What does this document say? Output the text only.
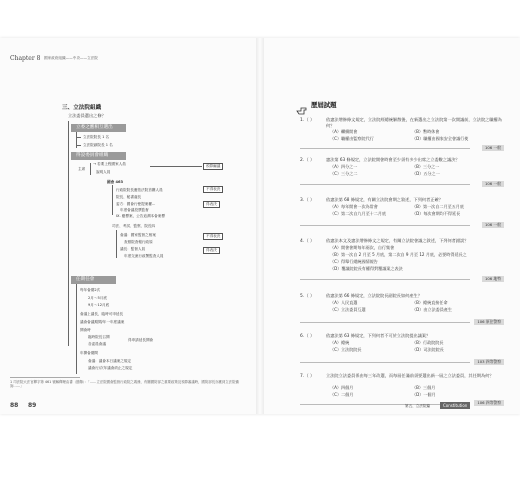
Chapter 8 國家政府組織——中央——立法院
三、立法院組織
立法委員選出之條？
立委之應相互選出
立法院院長 1 名
立法院副院長 1 名
得設委員會組織
主席
→ 若要上程國家人員
說明人員
預算編議
國會 463
行政院院長應依法院首關人員
院長、秘書處長
委方：國會行使提案權...
年度會議投票監督
IX. 應標案，公告追溯本會案標
不得表決
得表決
司法、考試、監察、院長四
會議：國家監督之相案
查照院查報行政原
議長：監督人員
年度交流行政署監查人員
不得表決
得表決
任期任會
每年會期2次
2月～5月底
9月～12月底
會議上議長，臨時可申延長
議會會議期間/年一年度議案
開會時
臨時院長召開
各委員會議
得申請延長開會
年開會期間
會議：議會本日議案之規定
議會行/次年議會終止之規定
1 司法院大法官釋字第 461 號解釋理由書（節錄）：「……立法院國會監督行政院之義務，有關國防部之重要政策及預算審議時，國防部長亦應到立法院備詢……」
88 89
歷屆試題
1.（ ）	依憲法增修條文規定，立法院經總統解散後，在新選出之立法院第一次開議前，立法院之職權為何？
（A）繼續開會	（B）暫時休會
（C）職權由監察院代行	（D）職權由國家安全會議行使
106 一般
2.（ ）	憲法第 63 條規定，立法院開會時會至少須有多少出席之立委數之議決？
（A）四分之一	（B）三分之一
（C）三分之二	（D）五分之一
106 一般
3.（ ）	依憲法第 68 條規定，有關立法院會期之敘述，下列何者正確？
（A）每年開會一次為常會	（B）第一次自二月至五月底
（C）第二次自九月至十二月底	（D）每次會期均不得延長
106 一般
4.（ ）	依憲法本文及憲法增修條文之規定，有關立法院會議之敘述，下列何者錯誤？
（A）開會會期每年兩次，自行集會
（B）第一次自 2 月至 5 月底，第二次自 9 月至 12 月底，必要時得延長之
（C）得舉行總統國情報告
（D）覆議院院長有權得對覆議案之表決
106 地特
5.（ ）	依憲法第 66 條規定，立法院院長副院長如何產生？
（A）人民直選	（B）總統直接任命
（C）立法委員互選	（D）由立法委員產生
106 原住警察
6.（ ）	依憲法第 63 條規定，下列何者不可於立法院提出議案？
（A）總統	（B）行政院院長
（C）立法院院長	（D）司法院院長
103 四等警察
7.（ ）	立法院立法委員係由每三年改選，而每屆任滿前須要選出新一屆之立法委員，其任期為何？
（A）四個月	（B）三個月
（C）二個月	（D）一個月
106 四等警察
第五、立法院篇	Constitution
